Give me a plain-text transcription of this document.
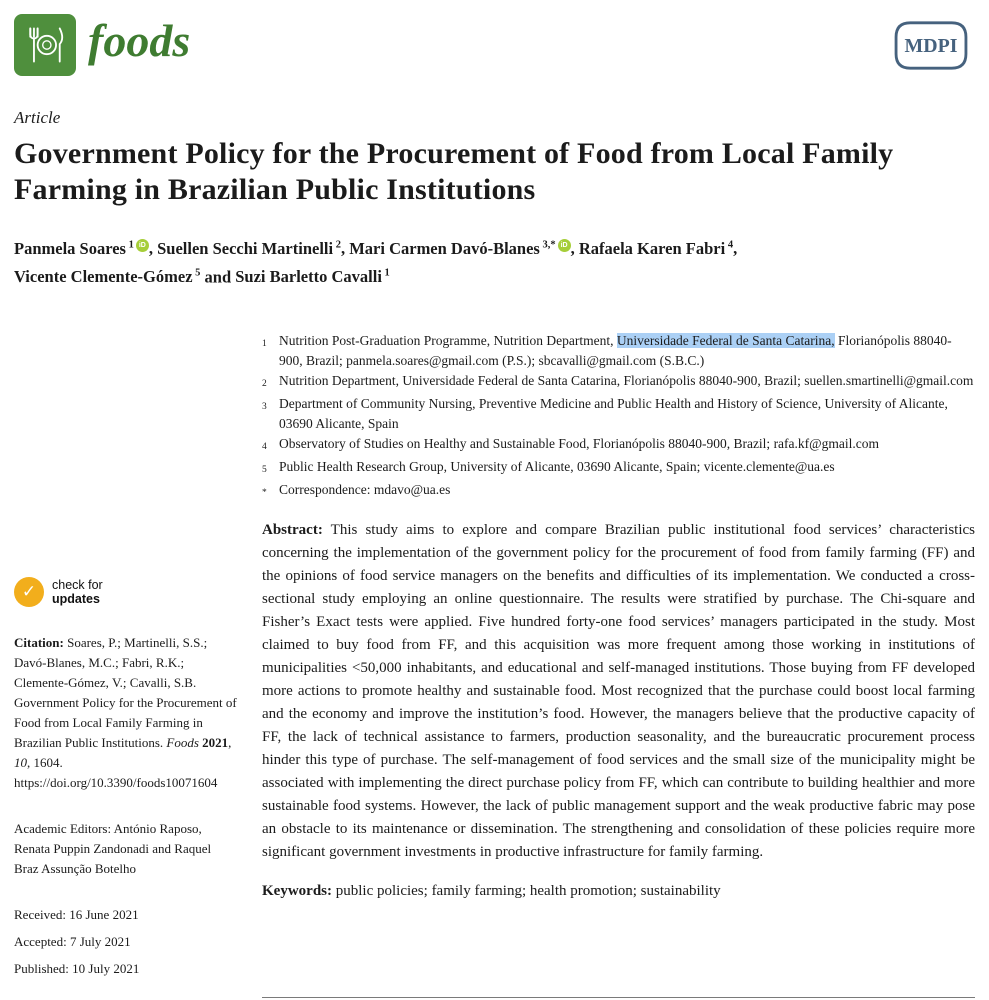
foods	MDPI
Article
Government Policy for the Procurement of Food from Local Family Farming in Brazilian Public Institutions
Panmela Soares $^1$ iD , Suellen Secchi Martinelli $^2$, Mari Carmen Davó-Blanes $^{3,*}$ iD , Rafaela Karen Fabri $^4$,
Vicente Clemente-Gómez $^5$ and Suzi Barletto Cavalli $^1$
✓ check for
updates

Citation: Soares, P.; Martinelli, S.S.; Davó-Blanes, M.C.; Fabri, R.K.; Clemente-Gómez, V.; Cavalli, S.B. Government Policy for the Procurement of Food from Local Family Farming in Brazilian Public Institutions. Foods 2021, 10, 1604. https://doi.org/10.3390/foods10071604

Academic Editors: António Raposo, Renata Puppin Zandonadi and Raquel Braz Assunção Botelho

Received: 16 June 2021

Accepted: 7 July 2021

Published: 10 July 2021

1 Nutrition Post-Graduation Programme, Nutrition Department, Universidade Federal de Santa Catarina, Florianópolis 88040-900, Brazil; panmela.soares@gmail.com (P.S.); sbcavalli@gmail.com (S.B.C.)
2 Nutrition Department, Universidade Federal de Santa Catarina, Florianópolis 88040-900, Brazil; suellen.smartinelli@gmail.com
3 Department of Community Nursing, Preventive Medicine and Public Health and History of Science, University of Alicante, 03690 Alicante, Spain
4 Observatory of Studies on Healthy and Sustainable Food, Florianópolis 88040-900, Brazil; rafa.kf@gmail.com
5 Public Health Research Group, University of Alicante, 03690 Alicante, Spain; vicente.clemente@ua.es
* Correspondence: mdavo@ua.es

Abstract: This study aims to explore and compare Brazilian public institutional food services’ characteristics concerning the implementation of the government policy for the procurement of food from family farming (FF) and the opinions of food service managers on the benefits and difficulties of its implementation. We conducted a cross-sectional study employing an online questionnaire. The results were stratified by purchase. The Chi-square and Fisher’s Exact tests were applied. Five hundred forty-one food services’ managers participated in the study. Most claimed to buy food from FF, and this acquisition was more frequent among those working in institutions of municipalities <50,000 inhabitants, and educational and self-managed institutions. Those buying from FF developed more actions to promote healthy and sustainable food. Most recognized that the purchase could boost local farming and the economy and improve the institution’s food. However, the managers believe that the productive capacity of FF, the lack of technical assistance to farmers, production seasonality, and the bureaucratic procurement process hinder this type of purchase. The self-management of food services and the small size of the municipality might be associated with implementing the direct purchase policy from FF, which can contribute to building healthier and more sustainable food systems. However, the lack of public management support and the weak productive fabric may pose an obstacle to its maintenance or dissemination. The strengthening and consolidation of these policies require more significant government investments in productive infrastructure for family farming.

Keywords: public policies; family farming; health promotion; sustainability
